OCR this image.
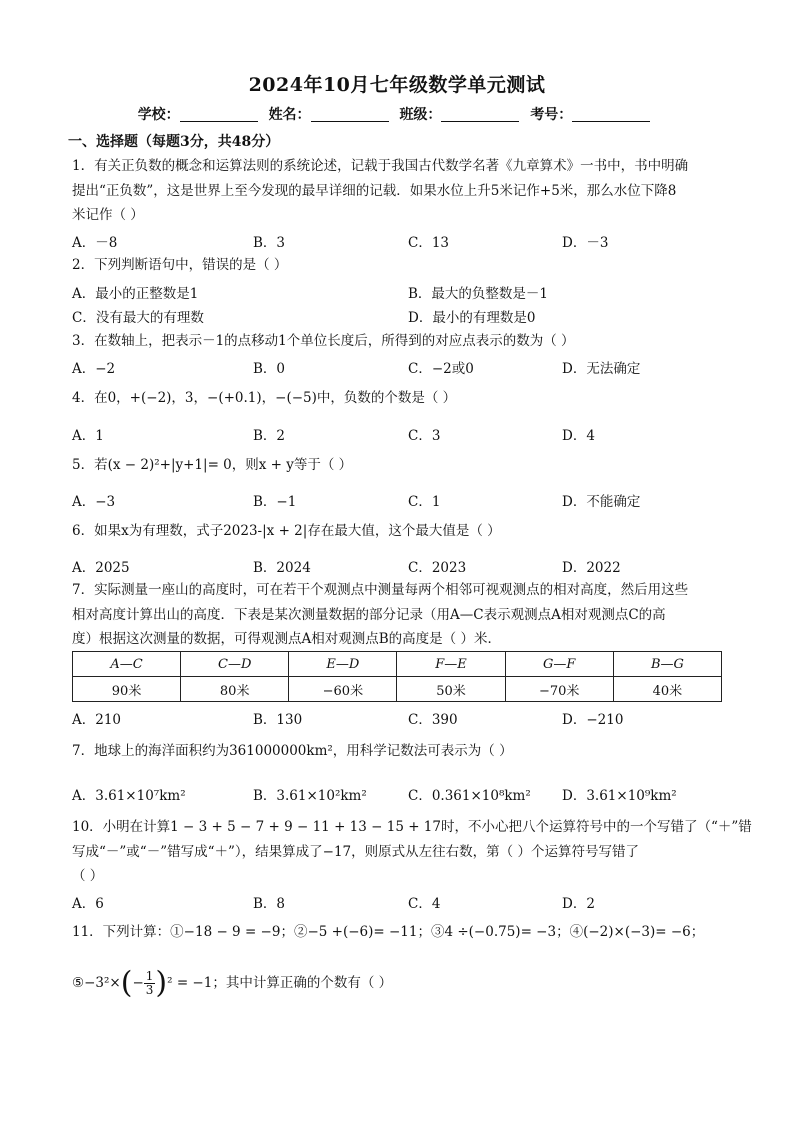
2024年10月七年级数学单元测试
学校：	姓名：	班级：	考号：
一、选择题（每题3分，共48分）
1．有关正负数的概念和运算法则的系统论述，记载于我国古代数学名著《九章算术》一书中，书中明确
提出“正负数”，这是世界上至今发现的最早详细的记载．如果水位上升5米记作+5米，那么水位下降8
米记作（ ）
A．－8	B．3	C．13	D．－3
2．下列判断语句中，错误的是（ ）
A．最小的正整数是1	B．最大的负整数是－1
C．没有最大的有理数	D．最小的有理数是0
3．在数轴上，把表示－1的点移动1个单位长度后，所得到的对应点表示的数为（ ）
A．−2	B．0	C．−2或0	D．无法确定
4．在0，+(−2)，3，−(+0.1)，−(−5)中，负数的个数是（ ）
A．1	B．2	C．3	D．4
5．若(x − 2)²+|y+1|= 0，则x + y等于（ ）
A．−3	B．−1	C．1	D．不能确定
6．如果x为有理数，式子2023-|x + 2|存在最大值，这个最大值是（ ）
A．2025	B．2024	C．2023	D．2022
7．实际测量一座山的高度时，可在若干个观测点中测量每两个相邻可视观测点的相对高度，然后用这些
相对高度计算出山的高度．下表是某次测量数据的部分记录（用A—C表示观测点A相对观测点C的高
度）根据这次测量的数据，可得观测点A相对观测点B的高度是（ ）米．
A—C	C—D	E—D	F—E	G—F	B—G
90米	80米	−60米	50米	−70米	40米
A．210	B．130	C．390	D．−210
7．地球上的海洋面积约为361000000km²，用科学记数法可表示为（ ）
A．3.61×10⁷km²	B．3.61×10²km²	C．0.361×10⁸km² D．3.61×10⁹km²
10．小明在计算1 − 3 + 5 − 7 + 9 − 11 + 13 − 15 + 17时，不小心把八个运算符号中的一个写错了（“＋”错
写成“－”或“－”错写成“＋”），结果算成了−17，则原式从左往右数，第（ ）个运算符号写错了
（ ）
A．6	B．8	C．4	D．2
11．下列计算：①−18 − 9 = −9；②−5 +(−6)= −11；③4 ÷(−0.75)= −3；④(−2)×(−3)= −6；
⑤−3²×(− $\frac{1}{3} )^2 = -1$；其中计算正确的个数有（ ）
